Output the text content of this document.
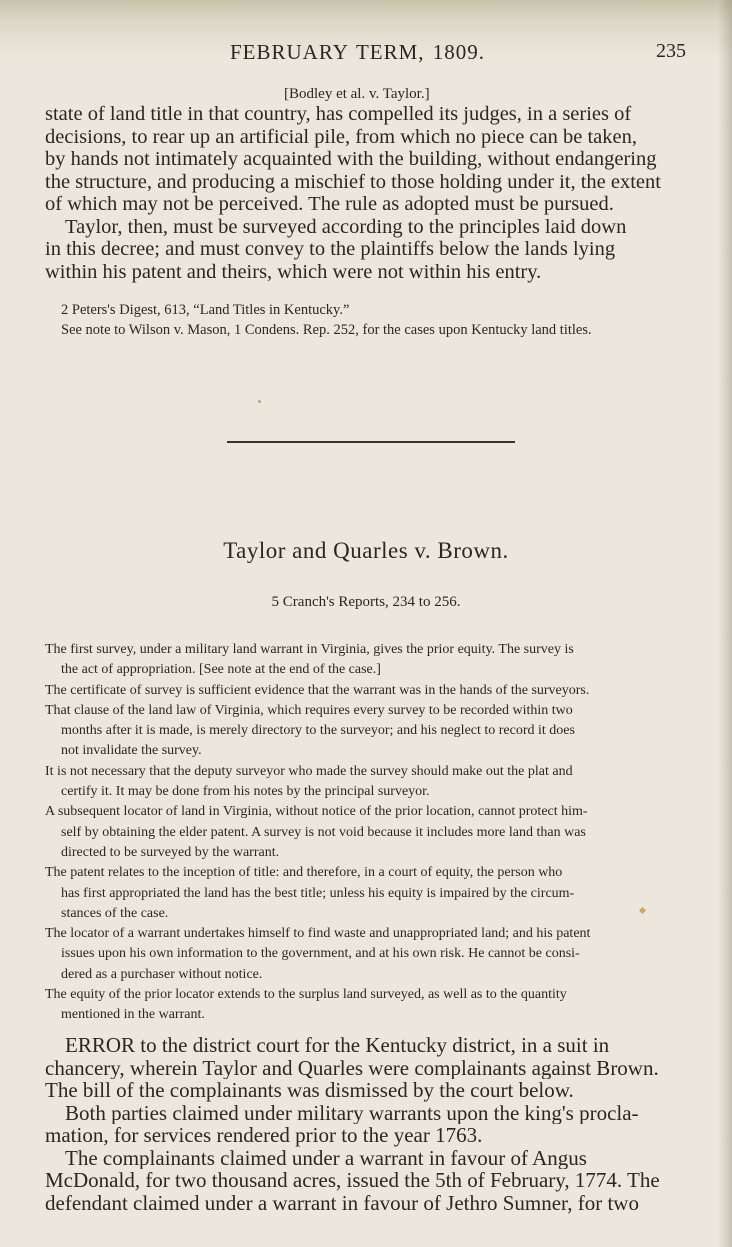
FEBRUARY TERM, 1809.	235
[Bodley et al. v. Taylor.]
state of land title in that country, has compelled its judges, in a series of
decisions, to rear up an artificial pile, from which no piece can be taken,
by hands not intimately acquainted with the building, without endangering
the structure, and producing a mischief to those holding under it, the extent
of which may not be perceived. The rule as adopted must be pursued.
Taylor, then, must be surveyed according to the principles laid down
in this decree; and must convey to the plaintiffs below the lands lying
within his patent and theirs, which were not within his entry.
2 Peters's Digest, 613, “Land Titles in Kentucky.”
See note to Wilson v. Mason, 1 Condens. Rep. 252, for the cases upon Kentucky land titles.
Taylor and Quarles v. Brown.
5 Cranch's Reports, 234 to 256.
The first survey, under a military land warrant in Virginia, gives the prior equity. The survey is
the act of appropriation. [See note at the end of the case.]
The certificate of survey is sufficient evidence that the warrant was in the hands of the surveyors.
That clause of the land law of Virginia, which requires every survey to be recorded within two
months after it is made, is merely directory to the surveyor; and his neglect to record it does
not invalidate the survey.
It is not necessary that the deputy surveyor who made the survey should make out the plat and
certify it. It may be done from his notes by the principal surveyor.
A subsequent locator of land in Virginia, without notice of the prior location, cannot protect him-
self by obtaining the elder patent. A survey is not void because it includes more land than was
directed to be surveyed by the warrant.
The patent relates to the inception of title: and therefore, in a court of equity, the person who
has first appropriated the land has the best title; unless his equity is impaired by the circum-
stances of the case.
The locator of a warrant undertakes himself to find waste and unappropriated land; and his patent
issues upon his own information to the government, and at his own risk. He cannot be consi-
dered as a purchaser without notice.
The equity of the prior locator extends to the surplus land surveyed, as well as to the quantity
mentioned in the warrant.
ERROR to the district court for the Kentucky district, in a suit in
chancery, wherein Taylor and Quarles were complainants against Brown.
The bill of the complainants was dismissed by the court below.
Both parties claimed under military warrants upon the king's procla-
mation, for services rendered prior to the year 1763.
The complainants claimed under a warrant in favour of Angus
McDonald, for two thousand acres, issued the 5th of February, 1774. The
defendant claimed under a warrant in favour of Jethro Sumner, for two
